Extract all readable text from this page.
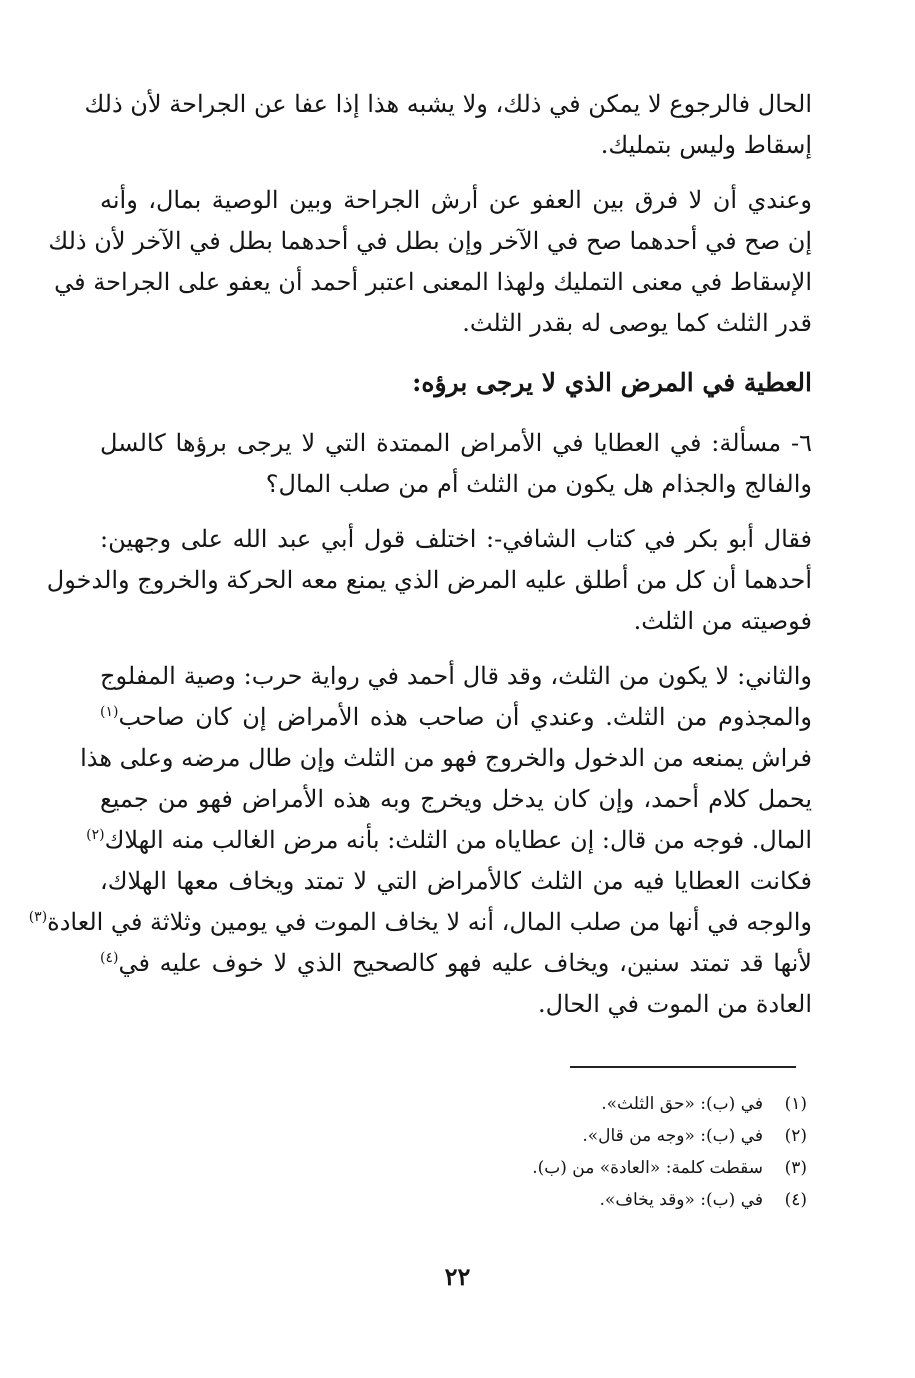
الحال فالرجوع لا يمكن في ذلك، ولا يشبه هذا إذا عفا عن الجراحة لأن ذلك
إسقاط وليس بتمليك.
وعندي أن لا فرق بين العفو عن أرش الجراحة وبين الوصية بمال، وأنه
إن صح في أحدهما صح في الآخر وإن بطل في أحدهما بطل في الآخر لأن ذلك
الإسقاط في معنى التمليك ولهذا المعنى اعتبر أحمد أن يعفو على الجراحة في
قدر الثلث كما يوصى له بقدر الثلث.
العطية في المرض الذي لا يرجى برؤه:
٦- مسألة: في العطايا في الأمراض الممتدة التي لا يرجى برؤها كالسل
والفالج والجذام هل يكون من الثلث أم من صلب المال؟
فقال أبو بكر في كتاب الشافي-: اختلف قول أبي عبد الله على وجهين:
أحدهما أن كل من أطلق عليه المرض الذي يمنع معه الحركة والخروج والدخول
فوصيته من الثلث.
والثاني: لا يكون من الثلث، وقد قال أحمد في رواية حرب: وصية المفلوج
والمجذوم من الثلث. وعندي أن صاحب هذه الأمراض إن كان صاحب$^{(١)}$
فراش يمنعه من الدخول والخروج فهو من الثلث وإن طال مرضه وعلى هذا
يحمل كلام أحمد، وإن كان يدخل ويخرج وبه هذه الأمراض فهو من جميع
المال. فوجه من قال: إن عطاياه من الثلث: بأنه مرض الغالب منه الهلاك$^{(٢)}$
فكانت العطايا فيه من الثلث كالأمراض التي لا تمتد ويخاف معها الهلاك،
والوجه في أنها من صلب المال، أنه لا يخاف الموت في يومين وثلاثة في العادة$^{(٣)}$
لأنها قد تمتد سنين، ويخاف عليه فهو كالصحيح الذي لا خوف عليه في$^{(٤)}$
العادة من الموت في الحال.
(١)
في (ب): «حق الثلث».
(٢)
في (ب): «وجه من قال».
(٣)
سقطت كلمة: «العادة» من (ب).
(٤)
في (ب): «وقد يخاف».
٢٢
